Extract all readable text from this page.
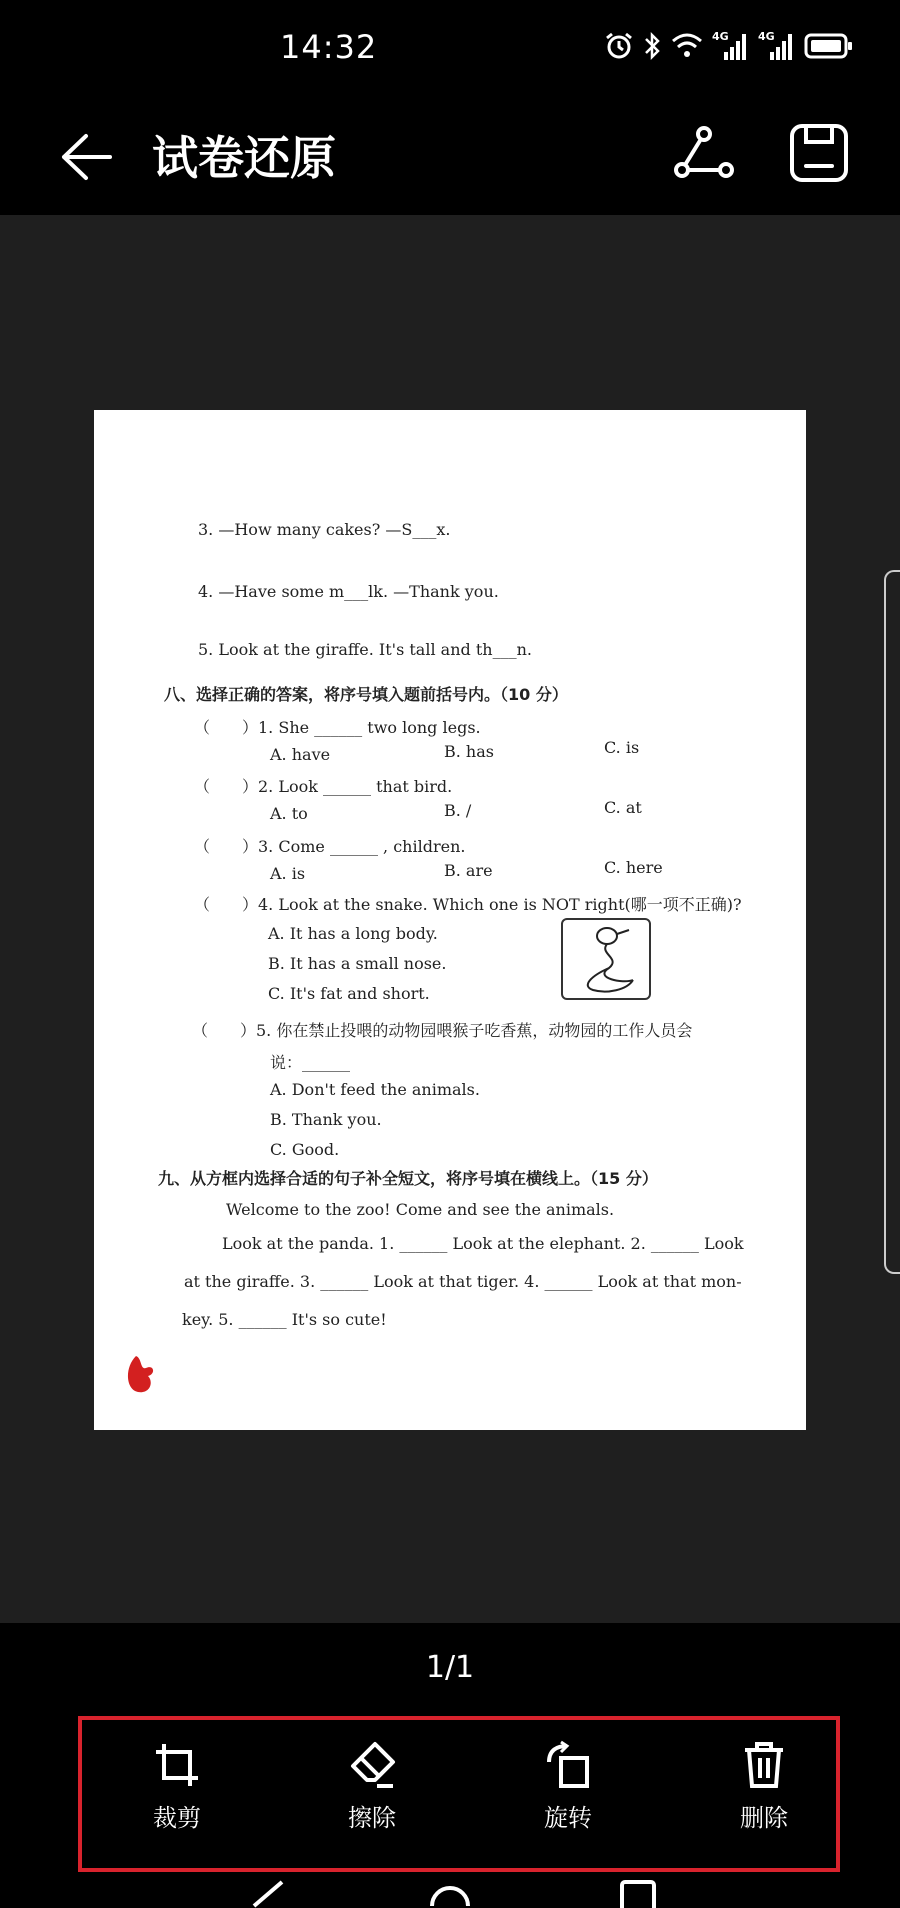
14:32	4G	4G
试卷还原
3. —How many cakes? —S___x.
4. —Have some m___lk. —Thank you.
5. Look at the giraffe. It's tall and th___n.
八、选择正确的答案，将序号填入题前括号内。（10 分）
（　　）1. She ______ two long legs.
A. have	B. has	C. is
（　　）2. Look ______ that bird.
A. to	B. /	C. at
（　　）3. Come ______ , children.
A. is	B. are	C. here
（　　）4. Look at the snake. Which one is NOT right(哪一项不正确)?
A. It has a long body.
B. It has a small nose.
C. It's fat and short.
（　　）5. 你在禁止投喂的动物园喂猴子吃香蕉，动物园的工作人员会
说：______
A. Don't feed the animals.
B. Thank you.
C. Good.
九、从方框内选择合适的句子补全短文，将序号填在横线上。（15 分）
Welcome to the zoo! Come and see the animals.
Look at the panda. 1. ______ Look at the elephant. 2. ______ Look
at the giraffe. 3. ______ Look at that tiger. 4. ______ Look at that mon-
key. 5. ______ It's so cute!
1/1
裁剪	擦除	旋转	删除
